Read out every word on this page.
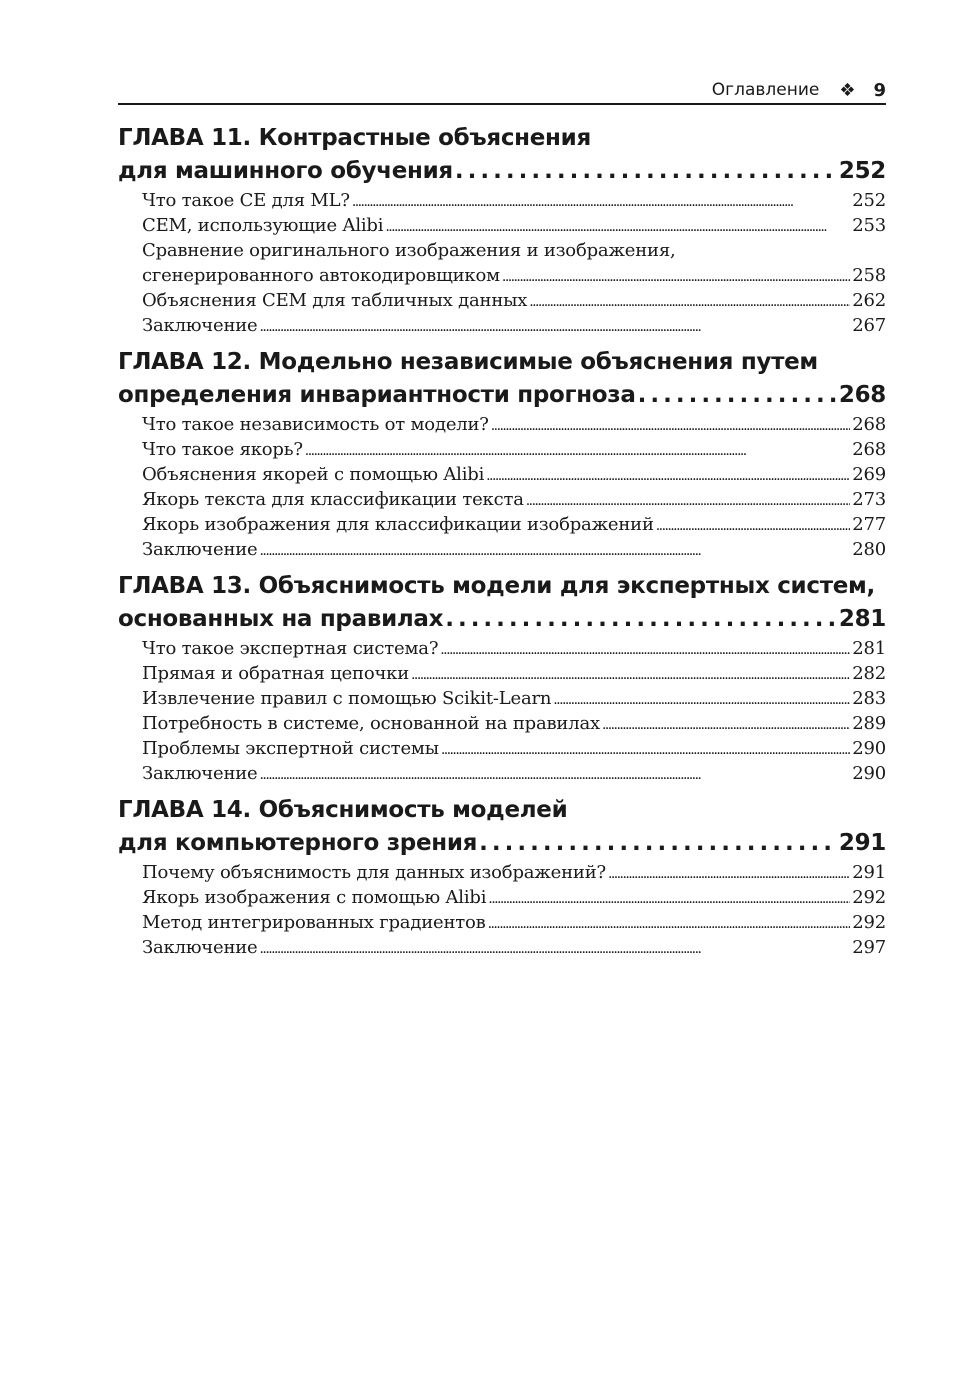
Оглавление ❖ 9
ГЛАВА 11. Контрастные объяснения
для машинного обучения . . .	252
Что такое CE для ML? . . .	252
CEM, использующие Alibi . . .	253
Сравнение оригинального изображения и изображения,
сгенерированного автокодировщиком . . .	258
Объяснения CEM для табличных данных . . .	262
Заключение . . .	267
ГЛАВА 12. Модельно независимые объяснения путем
определения инвариантности прогноза . . .	268
Что такое независимость от модели? . . .	268
Что такое якорь? . . .	268
Объяснения якорей с помощью Alibi . . .	269
Якорь текста для классификации текста . . .	273
Якорь изображения для классификации изображений . . .	277
Заключение . . .	280
ГЛАВА 13. Объяснимость модели для экспертных систем,
основанных на правилах . . .	281
Что такое экспертная система? . . .	281
Прямая и обратная цепочки . . .	282
Извлечение правил с помощью Scikit-Learn . . .	283
Потребность в системе, основанной на правилах . . .	289
Проблемы экспертной системы . . .	290
Заключение . . .	290
ГЛАВА 14. Объяснимость моделей
для компьютерного зрения . . .	291
Почему объяснимость для данных изображений? . . .	291
Якорь изображения с помощью Alibi . . .	292
Метод интегрированных градиентов . . .	292
Заключение . . .	297
